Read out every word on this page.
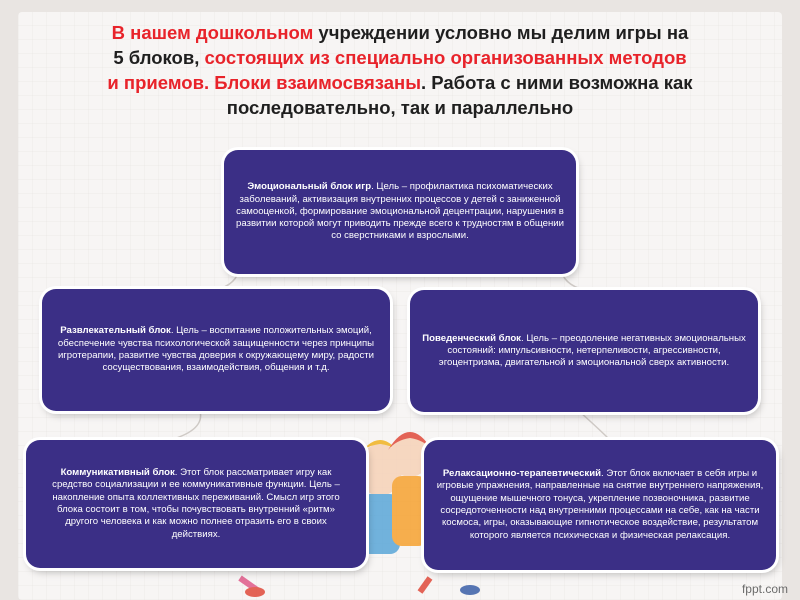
В нашем дошкольном учреждении условно мы делим игры на
5 блоков, состоящих из специально организованных методов
и приемов. Блоки взаимосвязаны. Работа с ними возможна как
последовательно, так и параллельно
Эмоциональный блок игр. Цель – профилактика психоматических заболеваний, активизация внутренних процессов у детей с заниженной самооценкой, формирование эмоциональной децентрации, нарушения в развитии которой могут приводить прежде всего к трудностям в общении со сверстниками и взрослыми.
Развлекательный блок. Цель – воспитание положительных эмоций, обеспечение чувства психологической защищенности через принципы игротерапии, развитие чувства доверия к окружающему миру, радости сосуществования, взаимодействия, общения и т.д.
Поведенческий блок. Цель – преодоление негативных эмоциональных состояний: импульсивности, нетерпеливости, агрессивности, эгоцентризма, двигательной и эмоциональной сверх активности.
Коммуникативный блок. Этот блок рассматривает игру как средство социализации и ее коммуникативные функции. Цель – накопление опыта коллективных переживаний. Смысл игр этого блока состоит в том, чтобы почувствовать внутренний «ритм» другого человека и как можно полнее отразить его в своих действиях.
Релаксационно-терапевтический. Этот блок включает в себя игры и игровые упражнения, направленные на снятие внутреннего напряжения, ощущение мышечного тонуса, укрепление позвоночника, развитие сосредоточенности над внутренними процессами на себе, как на части космоса, игры, оказывающие гипнотическое воздействие, результатом которого является психическая и физическая релаксация.
fppt.com
